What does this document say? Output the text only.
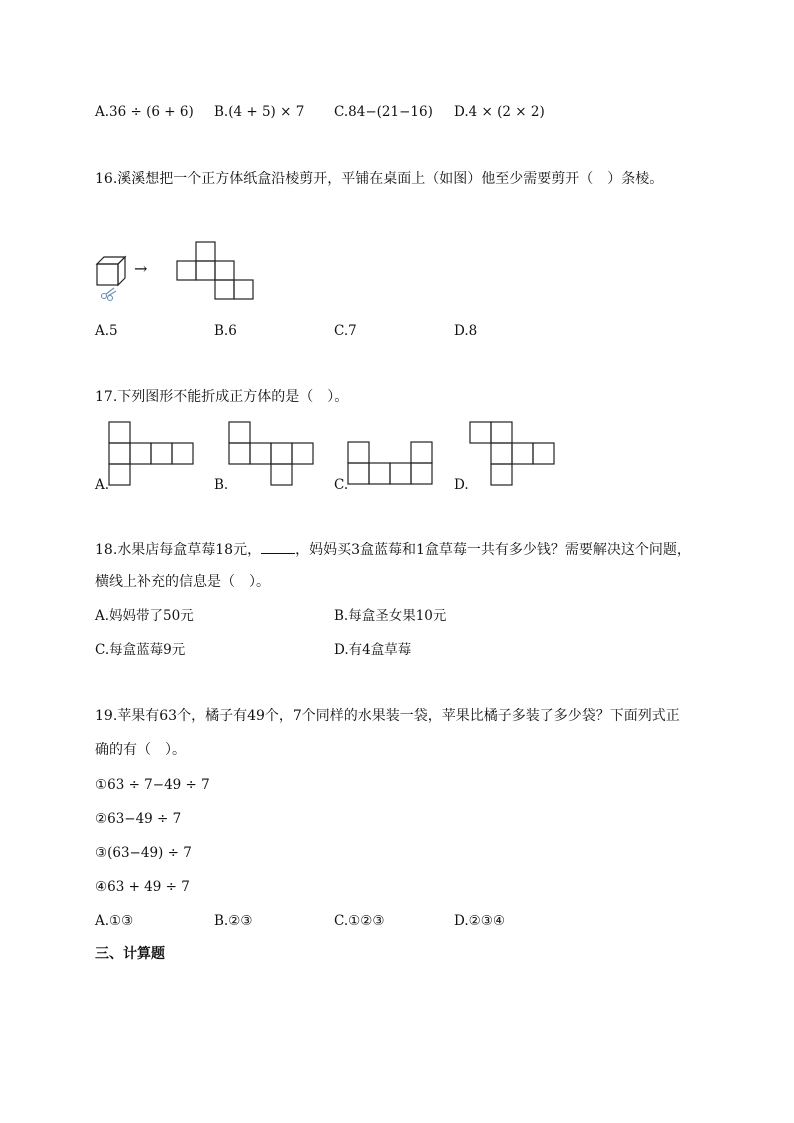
A.36 ÷ (6 + 6) B.(4 + 5) × 7 C.84−(21−16) D.4 × (2 × 2)
16.溪溪想把一个正方体纸盒沿棱剪开，平铺在桌面上（如图）他至少需要剪开（　）条棱。
→
A.5	B.6	C.7	D.8
17.下列图形不能折成正方体的是（　）。
A.	B.	C.	D.
18.水果店每盒草莓18元， ，妈妈买3盒蓝莓和1盒草莓一共有多少钱？需要解决这个问题，
横线上补充的信息是（　）。
A.妈妈带了50元	B.每盒圣女果10元
C.每盒蓝莓9元	D.有4盒草莓
19.苹果有63个，橘子有49个，7个同样的水果装一袋，苹果比橘子多装了多少袋？下面列式正
确的有（　）。
①63 ÷ 7−49 ÷ 7
②63−49 ÷ 7
③(63−49) ÷ 7
④63 + 49 ÷ 7
A.①③	B.②③	C.①②③	D.②③④
三、计算题
